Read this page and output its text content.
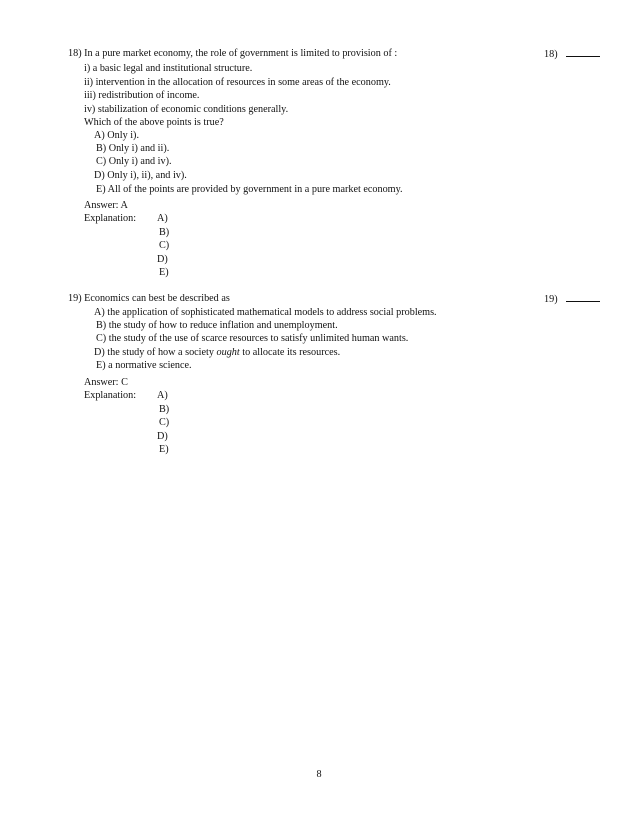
18) In a pure market economy, the role of government is limited to provision of :	18)
i) a basic legal and institutional structure.
ii) intervention in the allocation of resources in some areas of the economy.
iii) redistribution of income.
iv) stabilization of economic conditions generally.
Which of the above points is true?
A) Only i).
B) Only i) and ii).
C) Only i) and iv).
D) Only i), ii), and iv).
E) All of the points are provided by government in a pure market economy.
Answer: A
Explanation: A)
B)
C)
D)
E)
19) Economics can best be described as	19)
A) the application of sophisticated mathematical models to address social problems.
B) the study of how to reduce inflation and unemployment.
C) the study of the use of scarce resources to satisfy unlimited human wants.
D) the study of how a society ought to allocate its resources.
E) a normative science.
Answer: C
Explanation: A)
B)
C)
D)
E)
8
